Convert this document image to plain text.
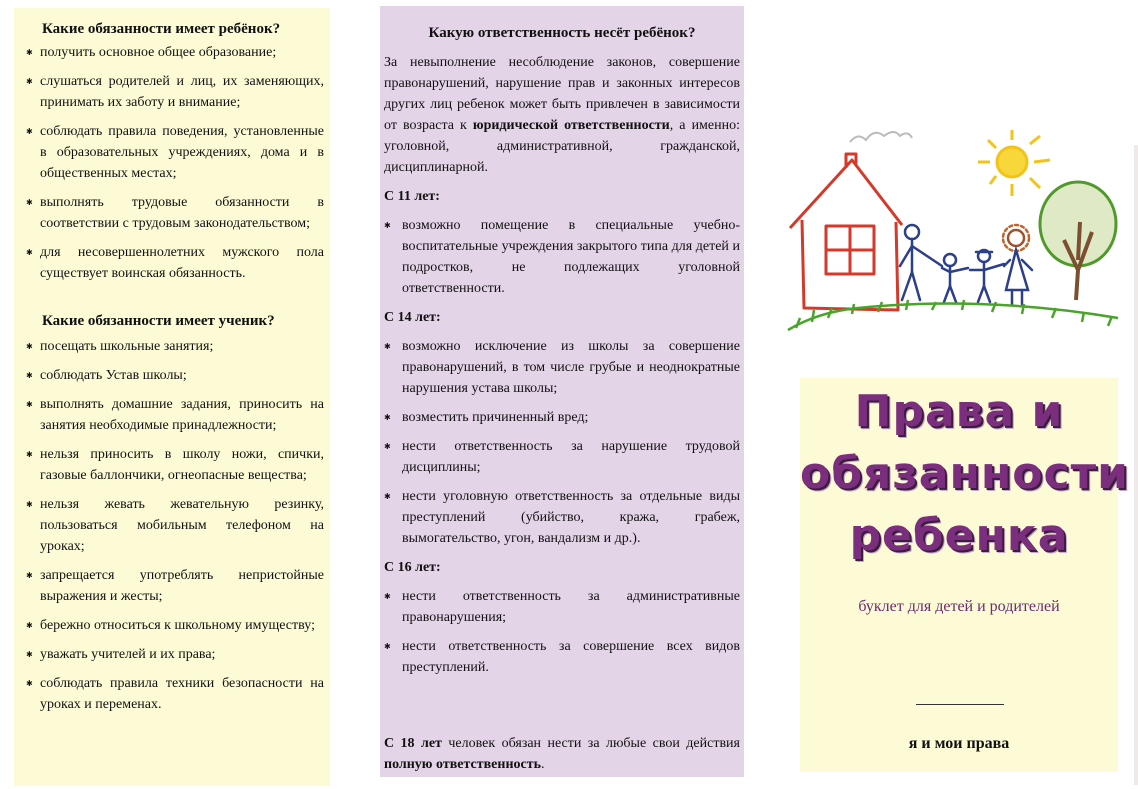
Какие обязанности имеет ребёнок?
✱ получить основное общее образование;
✱ слушаться родителей и лиц, их заменяющих, принимать их заботу и внимание;
✱ соблюдать правила поведения, установленные в образовательных учреждениях, дома и в общественных местах;
✱ выполнять трудовые обязанности в соответствии с трудовым законодательством;
✱ для несовершеннолетних мужского пола существует воинская обязанность.
Какие обязанности имеет ученик?
✱ посещать школьные занятия;
✱ соблюдать Устав школы;
✱ выполнять домашние задания, приносить на занятия необходимые принадлежности;
✱ нельзя приносить в школу ножи, спички, газовые баллончики, огнеопасные вещества;
✱ нельзя жевать жевательную резинку, пользоваться мобильным телефоном на уроках;
✱ запрещается употреблять непристойные выражения и жесты;
✱ бережно относиться к школьному имуществу;
✱ уважать учителей и их права;
✱ соблюдать правила техники безопасности на уроках и переменах.
Какую ответственность несёт ребёнок?

За невыполнение несоблюдение законов, совершение правонарушений, нарушение прав и законных интересов других лиц ребенок может быть привлечен в зависимости от возраста к юридической ответственности, а именно: уголовной, административной, гражданской, дисциплинарной.

С 11 лет:
✱ возможно помещение в специальные учебно-воспитательные учреждения закрытого типа для детей и подростков, не подлежащих уголовной ответственности.
С 14 лет:
✱ возможно исключение из школы за совершение правонарушений, в том числе грубые и неоднократные нарушения устава школы;
✱ возместить причиненный вред;
✱ нести ответственность за нарушение трудовой дисциплины;
✱ нести уголовную ответственность за отдельные виды преступлений (убийство, кража, грабеж, вымогательство, угон, вандализм и др.).
С 16 лет:
✱ нести ответственность за административные правонарушения;
✱ нести ответственность за совершение всех видов преступлений.

С 18 лет человек обязан нести за любые свои действия полную ответственность.

Права и
обязанности
ребенка
буклет для детей и родителей
я и мои права
